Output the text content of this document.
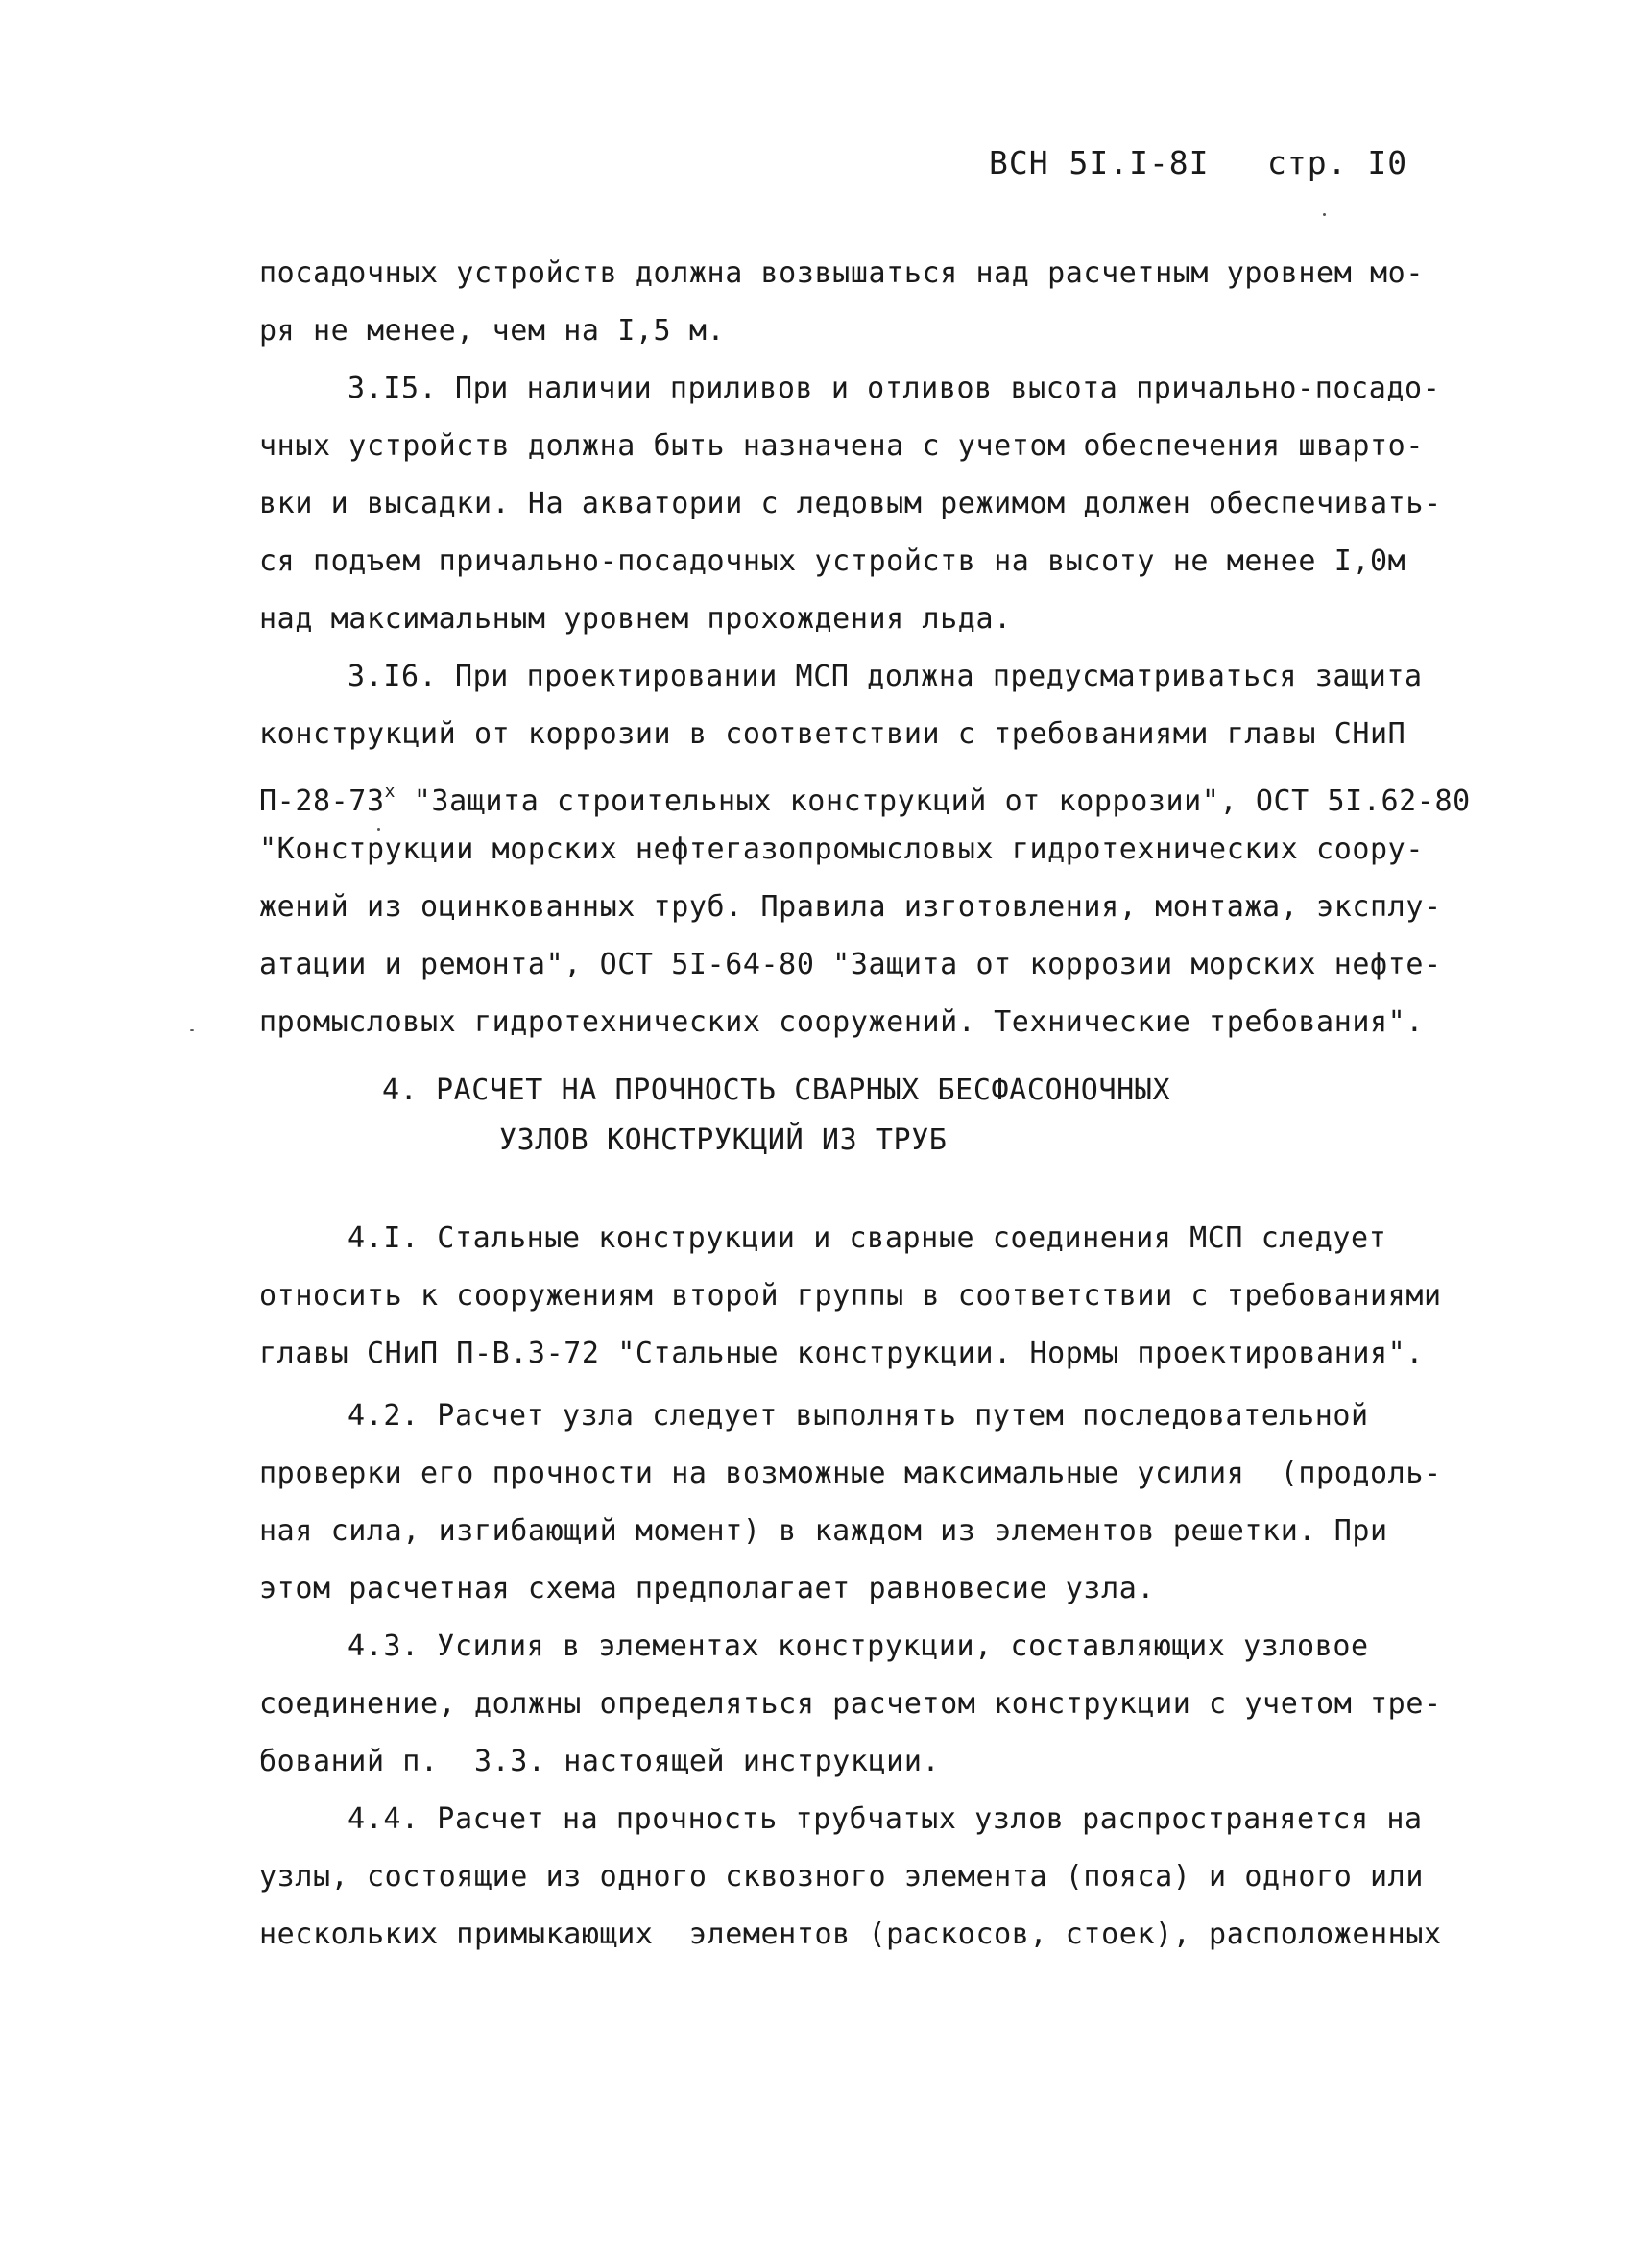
ВСН 5I.I-8I стр. I0
посадочных устройств должна возвышаться над расчетным уровнем мо-
ря не менее, чем на I,5 м.
3.I5. При наличии приливов и отливов высота причально-посадо-
чных устройств должна быть назначена с учетом обеспечения швартo-
вки и высадки. На акватории с ледовым режимом должен обеспечивать-
ся подъем причально-посадочных устройств на высоту не менее I,0м
над максимальным уровнем прохождения льда.
3.I6. При проектировании МСП должна предусматриваться защита
конструкций от коррозии в соответствии с требованиями главы СНиП
П-28-73$^x$ "Защита строительных конструкций от коррозии", ОСТ 5I.62-80
"Конструкции морских нефтегазопромысловых гидротехнических соору-
жений из оцинкованных труб. Правила изготовления, монтажа, эксплу-
атации и ремонта", ОСТ 5I-64-80 "Защита от коррозии морских нефте-
промысловых гидротехнических сооружений. Технические требования".
4. РАСЧЕТ НА ПРОЧНОСТЬ СВАРНЫХ БЕСФАСОНОЧНЫХ
УЗЛОВ КОНСТРУКЦИЙ ИЗ ТРУБ
4.I. Стальные конструкции и сварные соединения МСП следует
относить к сооружениям второй группы в соответствии с требованиями
главы СНиП П-В.3-72 "Стальные конструкции. Нормы проектирования".
4.2. Расчет узла следует выполнять путем последовательной
проверки его прочности на возможные максимальные усилия  (продоль-
ная сила, изгибающий момент) в каждом из элементов решетки. При
этом расчетная схема предполагает равновесие узла.
4.3. Усилия в элементах конструкции, составляющих узловое
соединение, должны определяться расчетом конструкции с учетом тре-
бований п.  3.3. настоящей инструкции.
4.4. Расчет на прочность трубчатых узлов распространяется на
узлы, состоящие из одного сквозного элемента (пояса) и одного или
нескольких примыкающих  элементов (раскосов, стоек), расположенных
